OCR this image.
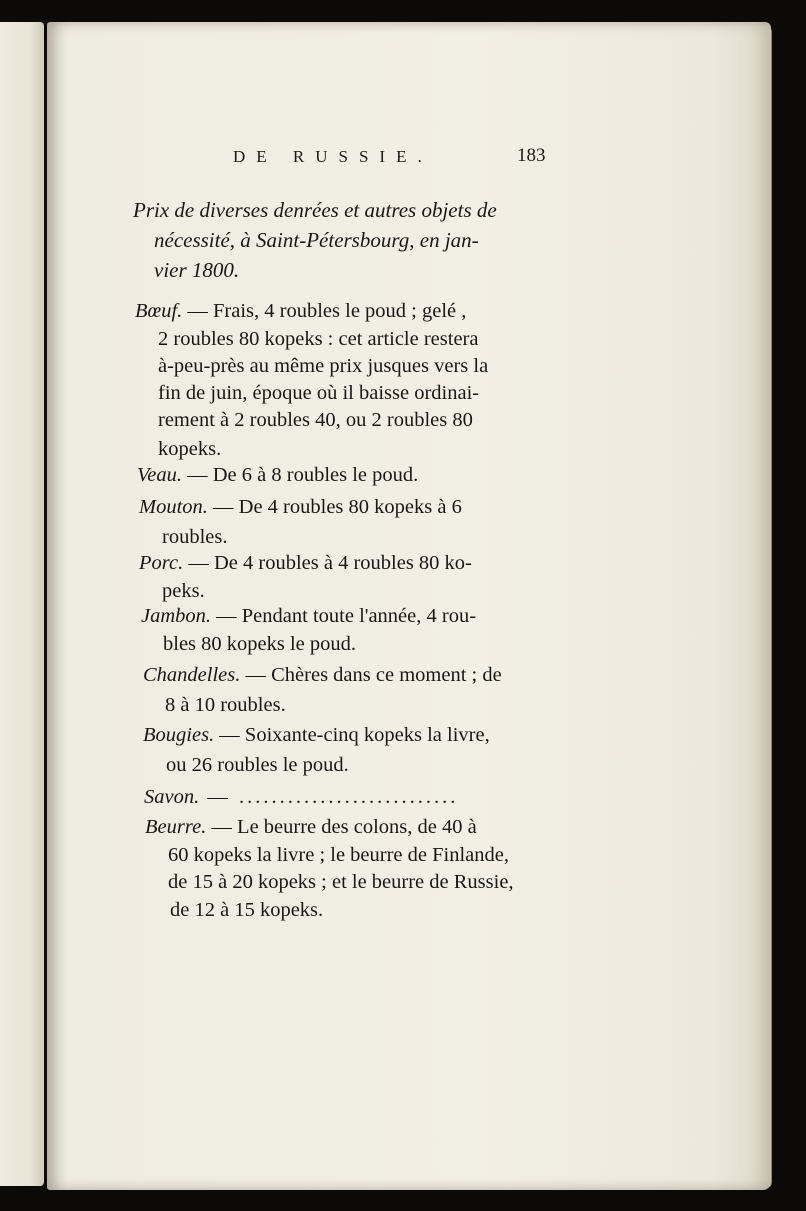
DE RUSSIE.	183
Prix de diverses denrées et autres objets de
nécessité, à Saint-Pétersbourg, en jan-
vier 1800.
Bœuf. — Frais, 4 roubles le poud ; gelé ,
2 roubles 80 kopeks : cet article restera
à-peu-près au même prix jusques vers la
fin de juin, époque où il baisse ordinai-
rement à 2 roubles 40, ou 2 roubles 80
kopeks.
Veau. — De 6 à 8 roubles le poud.
Mouton. — De 4 roubles 80 kopeks à 6
roubles.
Porc. — De 4 roubles à 4 roubles 80 ko-
peks.
Jambon. — Pendant toute l'année, 4 rou-
bles 80 kopeks le poud.
Chandelles. — Chères dans ce moment ; de
8 à 10 roubles.
Bougies. — Soixante-cinq kopeks la livre,
ou 26 roubles le poud.
Savon. — ...........................
Beurre. — Le beurre des colons, de 40 à
60 kopeks la livre ; le beurre de Finlande,
de 15 à 20 kopeks ; et le beurre de Russie,
de 12 à 15 kopeks.
